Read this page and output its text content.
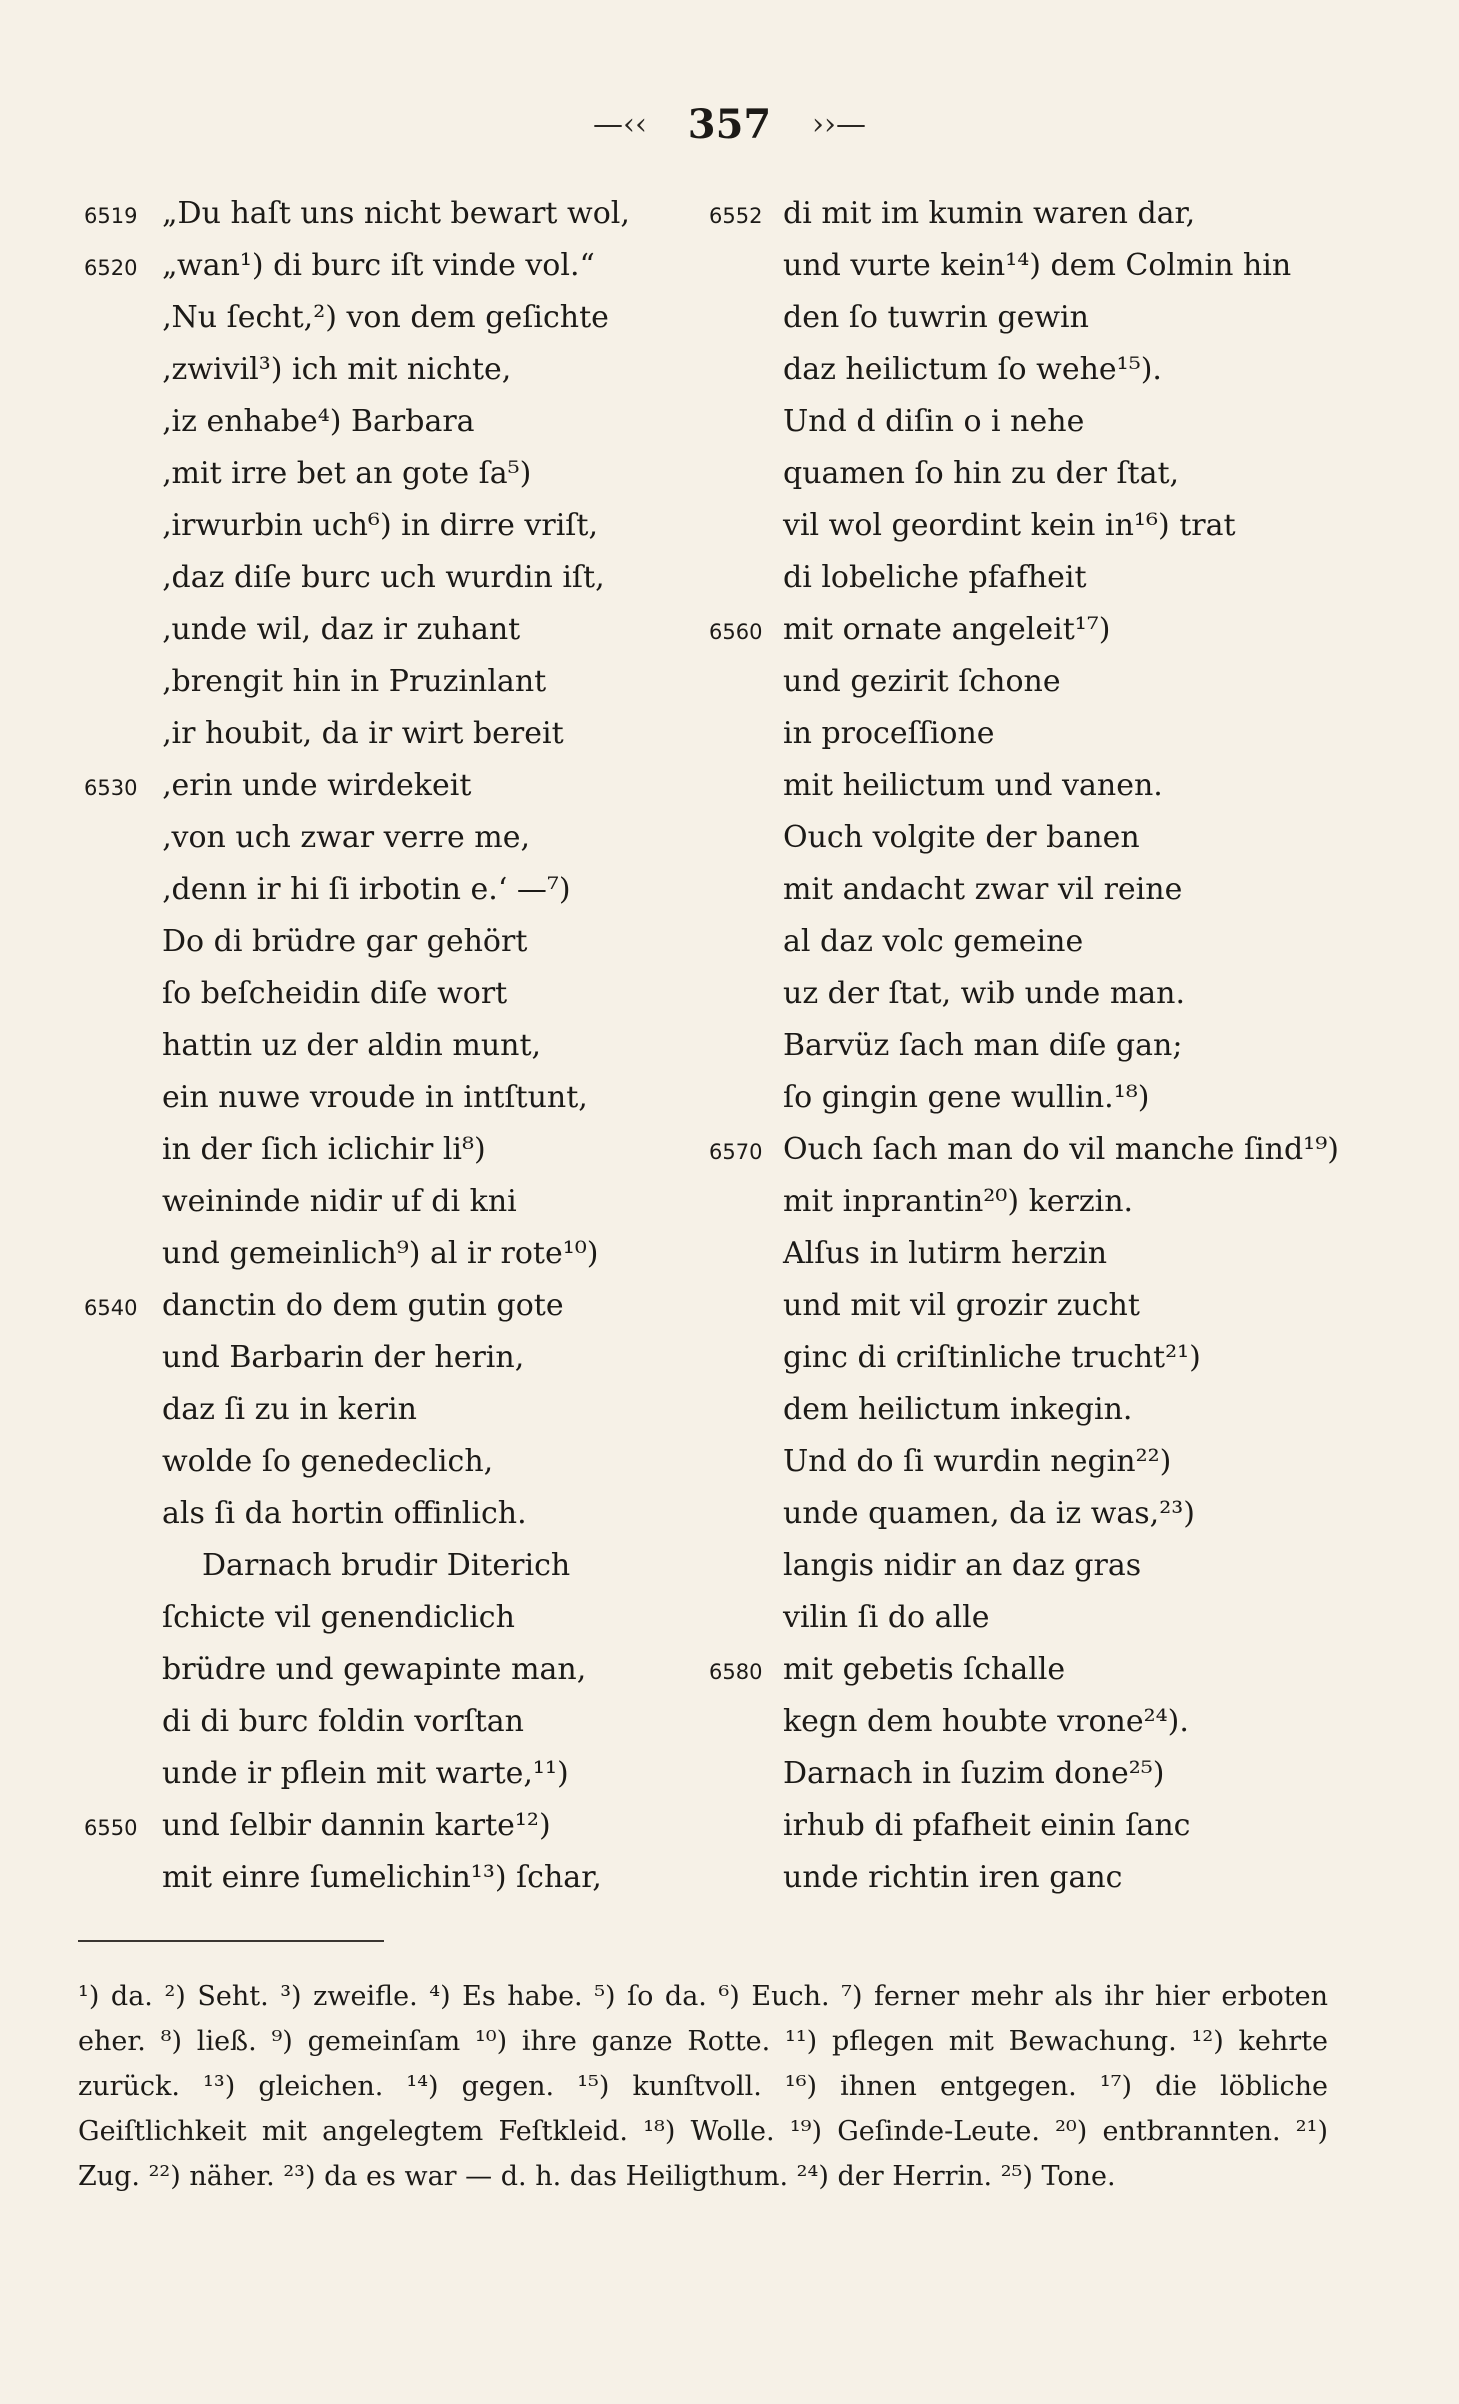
—‹‹ 357 ››—
6519 „Du haſt uns nicht bewart wol,
6520 „wan¹) di burc iſt vinde vol.“
‚Nu ſecht,²) von dem geſichte
‚zwivil³) ich mit nichte,
‚iz enhabe⁴) Barbara
‚mit irre bet an gote ſa⁵)
‚irwurbin uch⁶) in dirre vriſt,
‚daz diſe burc uch wurdin iſt,
‚unde wil, daz ir zuhant
‚brengit hin in Pruzinlant
‚ir houbit, da ir wirt bereit
6530 ‚erin unde wirdekeit
‚von uch zwar verre me,
‚denn ir hi ſi irbotin e.‘ —⁷)
Do di brüdre gar gehört
ſo beſcheidin diſe wort
hattin uz der aldin munt,
ein nuwe vroude in intſtunt,
in der ſich iclichir li⁸)
weininde nidir uf di kni
und gemeinlich⁹) al ir rote¹⁰)
6540 danctin do dem gutin gote
und Barbarin der herin,
daz ſi zu in kerin
wolde ſo genedeclich,
als ſi da hortin offinlich.
Darnach brudir Diterich
ſchicte vil genendiclich
brüdre und gewapinte man,
di di burc foldin vorſtan
unde ir pflein mit warte,¹¹)
6550 und ſelbir dannin karte¹²)
mit einre ſumelichin¹³) ſchar,
6552 di mit im kumin waren dar,
und vurte kein¹⁴) dem Colmin hin
den ſo tuwrin gewin
daz heilictum ſo wehe¹⁵).
Und d diſin o i nehe
quamen ſo hin zu der ſtat,
vil wol geordint kein in¹⁶) trat
di lobeliche pfafheit
6560 mit ornate angeleit¹⁷)
und gezirit ſchone
in proceſſione
mit heilictum und vanen.
Ouch volgite der banen
mit andacht zwar vil reine
al daz volc gemeine
uz der ſtat, wib unde man.
Barvüz ſach man diſe gan;
ſo gingin gene wullin.¹⁸)
6570 Ouch ſach man do vil manche ſind¹⁹)
mit inprantin²⁰) kerzin.
Alſus in lutirm herzin
und mit vil grozir zucht
ginc di criſtinliche trucht²¹)
dem heilictum inkegin.
Und do ſi wurdin negin²²)
unde quamen, da iz was,²³)
langis nidir an daz gras
vilin ſi do alle
6580 mit gebetis ſchalle
kegn dem houbte vrone²⁴).
Darnach in ſuzim done²⁵)
irhub di pfafheit einin ſanc
unde richtin iren ganc
¹) da. ²) Seht. ³) zweifle. ⁴) Es habe. ⁵) ſo da. ⁶) Euch. ⁷) ferner mehr als ihr hier erboten eher. ⁸) ließ. ⁹) gemeinſam ¹⁰) ihre ganze Rotte. ¹¹) pflegen mit Bewachung. ¹²) kehrte zurück. ¹³) gleichen. ¹⁴) gegen. ¹⁵) kunſtvoll. ¹⁶) ihnen entgegen. ¹⁷) die löbliche Geiſtlichkeit mit angelegtem Feſtkleid. ¹⁸) Wolle. ¹⁹) Geſinde-Leute. ²⁰) entbrannten. ²¹) Zug. ²²) näher. ²³) da es war — d. h. das Heiligthum. ²⁴) der Herrin. ²⁵) Tone.
